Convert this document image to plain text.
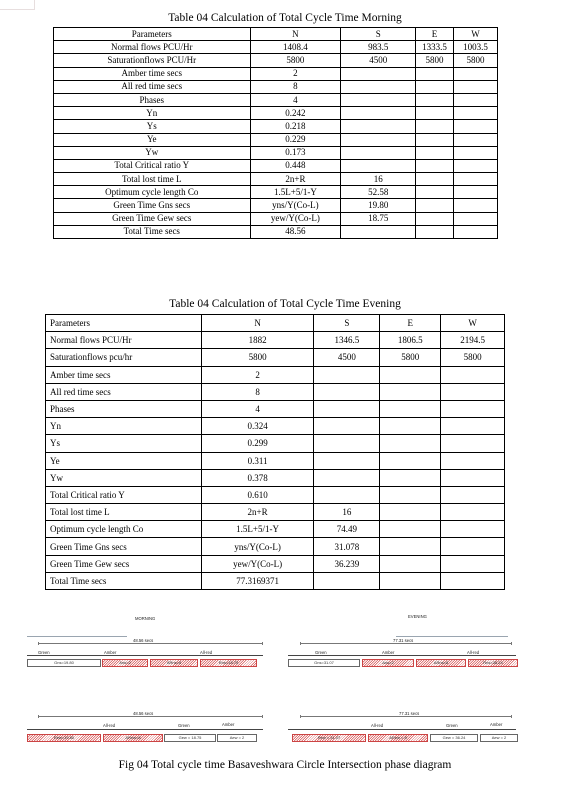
Table 04 Calculation of Total Cycle Time Morning
Parameters	N	S	E	W
Normal flows PCU/Hr	1408.4	983.5	1333.5	1003.5
Saturationflows PCU/Hr	5800	4500	5800	5800
Amber time secs	2			
All red time secs	8			
Phases	4			
Yn	0.242			
Ys	0.218			
Ye	0.229			
Yw	0.173			
Total Critical ratio Y	0.448			
Total lost time L	2n+R	16		
Optimum cycle length Co	1.5L+5/1-Y	52.58		
Green Time Gns secs	yns/Y(Co-L)	19.80		
Green Time Gew secs	yew/Y(Co-L)	18.75		
Total Time secs	48.56			
Table 04 Calculation of Total Cycle Time Evening
Parameters	N	S	E	W
Normal flows PCU/Hr	1882	1346.5	1806.5	2194.5
Saturationflows pcu/hr	5800	4500	5800	5800
Amber time secs	2			
All red time secs	8			
Phases	4			
Yn	0.324			
Ys	0.299			
Ye	0.311			
Yw	0.378			
Total Critical ratio Y	0.610			
Total lost time L	2n+R	16		
Optimum cycle length Co	1.5L+5/1-Y	74.49		
Green Time Gns secs	yns/Y(Co-L)	31.078		
Green Time Gew secs	yew/Y(Co-L)	36.239		
Total Time secs	77.3169371			
MORNING
48.56 secs
Green	Amber	All-red
Gns=19.80	Ans=2	ARns=8	Rns=18.75
48.56 secs
All-red	Green	Amber
Rew=19.80	ARew=8	Gew = 18.75	Aew = 2
EVENING
77.31 secs
Green	Amber	All-red
Gns=31.07	Ans=2	ARns=8	Rns=36.24
77.31 secs
All-red	Green	Amber
Rew = 31.07	ARew = 8	Gew = 36.24	Aew = 2
Fig 04 Total cycle time Basaveshwara Circle Intersection phase diagram
